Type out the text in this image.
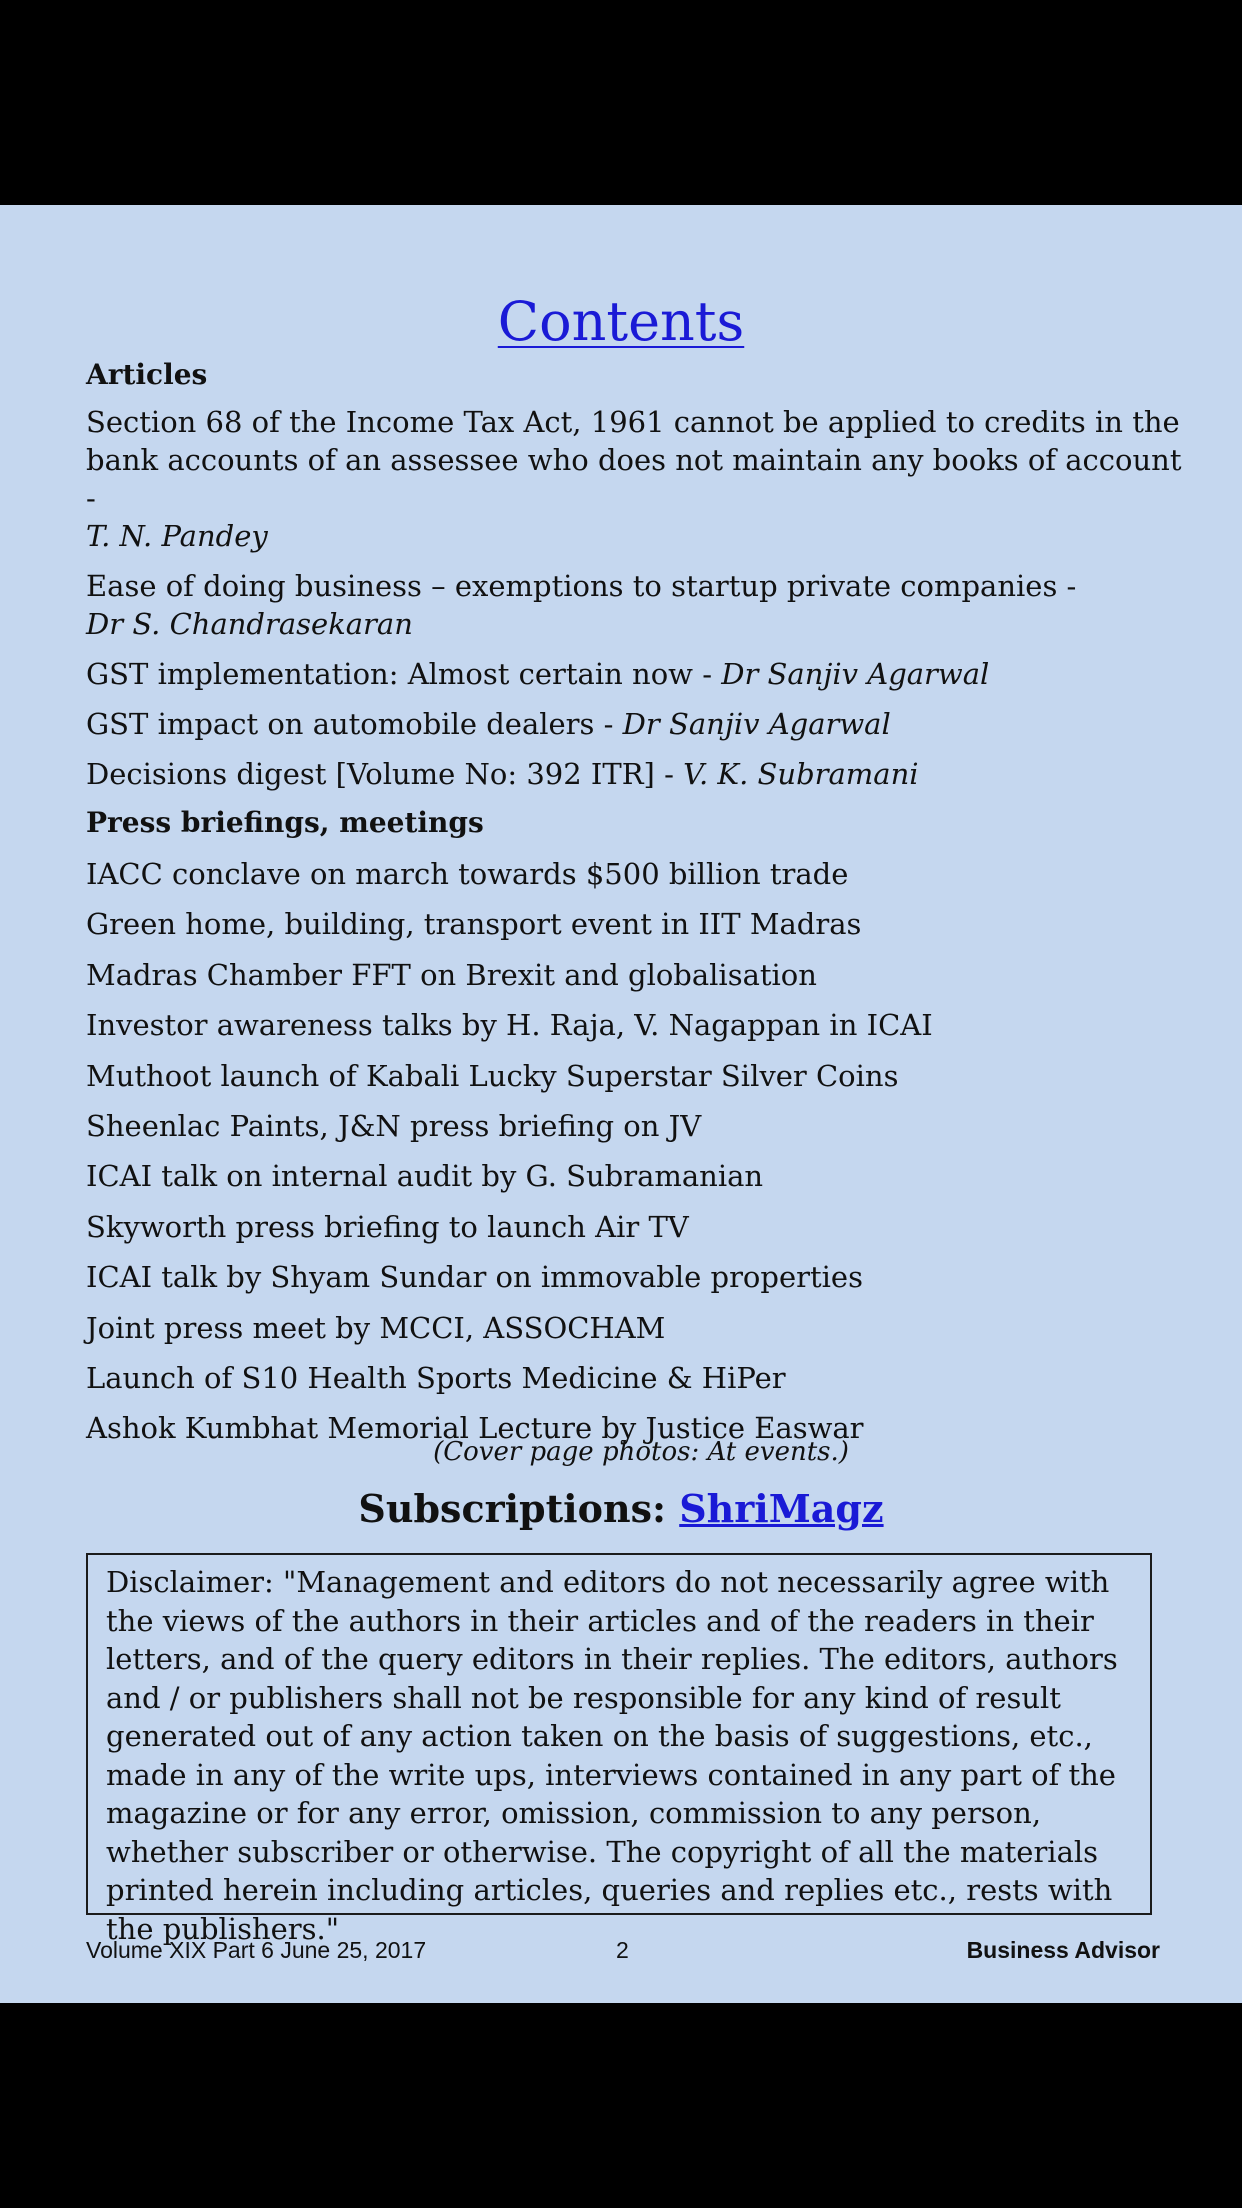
Contents
Articles
Section 68 of the Income Tax Act, 1961 cannot be applied to credits in the bank accounts of an assessee who does not maintain any books of account -
T. N. Pandey
Ease of doing business – exemptions to startup private companies -
Dr S. Chandrasekaran
GST implementation: Almost certain now - Dr Sanjiv Agarwal
GST impact on automobile dealers - Dr Sanjiv Agarwal
Decisions digest [Volume No: 392 ITR] - V. K. Subramani
Press briefings, meetings
IACC conclave on march towards $500 billion trade
Green home, building, transport event in IIT Madras
Madras Chamber FFT on Brexit and globalisation
Investor awareness talks by H. Raja, V. Nagappan in ICAI
Muthoot launch of Kabali Lucky Superstar Silver Coins
Sheenlac Paints, J&N press briefing on JV
ICAI talk on internal audit by G. Subramanian
Skyworth press briefing to launch Air TV
ICAI talk by Shyam Sundar on immovable properties
Joint press meet by MCCI, ASSOCHAM
Launch of S10 Health Sports Medicine & HiPer
Ashok Kumbhat Memorial Lecture by Justice Easwar
(Cover page photos: At events.)
Subscriptions: ShriMagz
Disclaimer: "Management and editors do not necessarily agree with the views of the authors in their articles and of the readers in their letters, and of the query editors in their replies. The editors, authors and / or publishers shall not be responsible for any kind of result generated out of any action taken on the basis of suggestions, etc., made in any of the write ups, interviews contained in any part of the magazine or for any error, omission, commission to any person, whether subscriber or otherwise. The copyright of all the materials printed herein including articles, queries and replies etc., rests with the publishers."
Volume XIX Part 6 June 25, 2017	2	Business Advisor
